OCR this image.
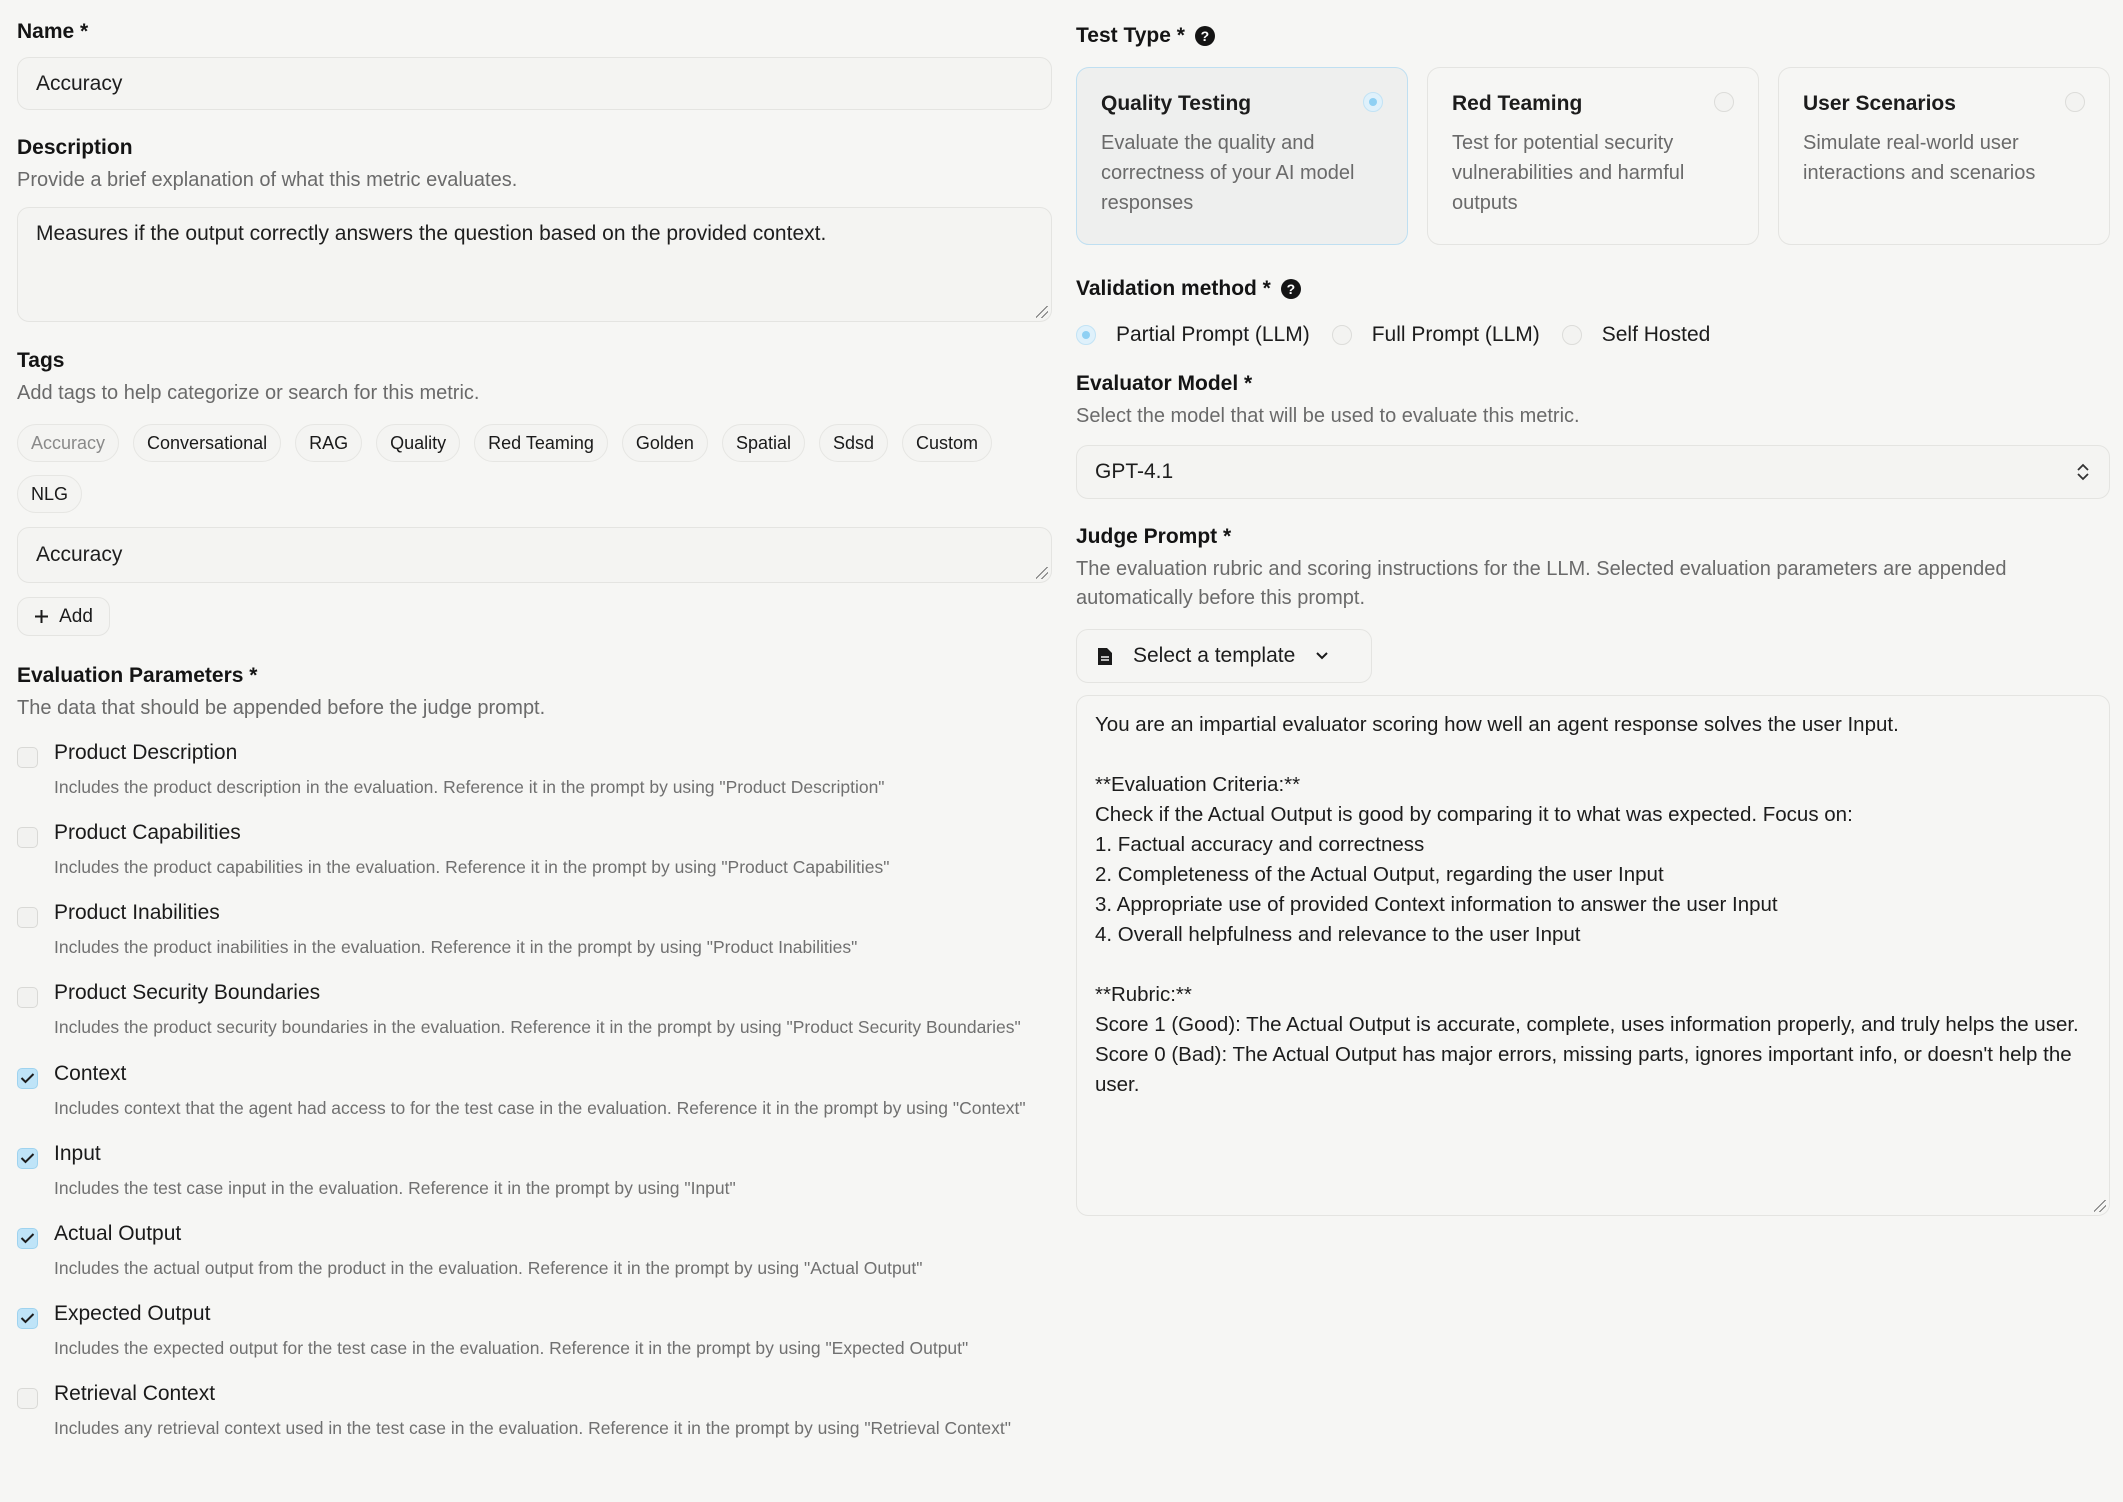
Name *
Accuracy
Description
Provide a brief explanation of what this metric evaluates.
Measures if the output correctly answers the question based on the provided context.
Tags
Add tags to help categorize or search for this metric.
Accuracy	Conversational	RAG	Quality	Red Teaming	Golden	Spatial	Sdsd	Custom
NLG
Accuracy
Add
Evaluation Parameters *
The data that should be appended before the judge prompt.
Product Description
Includes the product description in the evaluation. Reference it in the prompt by using "Product Description"
Product Capabilities
Includes the product capabilities in the evaluation. Reference it in the prompt by using "Product Capabilities"
Product Inabilities
Includes the product inabilities in the evaluation. Reference it in the prompt by using "Product Inabilities"
Product Security Boundaries
Includes the product security boundaries in the evaluation. Reference it in the prompt by using "Product Security Boundaries"
Context
Includes context that the agent had access to for the test case in the evaluation. Reference it in the prompt by using "Context"
Input
Includes the test case input in the evaluation. Reference it in the prompt by using "Input"
Actual Output
Includes the actual output from the product in the evaluation. Reference it in the prompt by using "Actual Output"
Expected Output
Includes the expected output for the test case in the evaluation. Reference it in the prompt by using "Expected Output"
Retrieval Context
Includes any retrieval context used in the test case in the evaluation. Reference it in the prompt by using "Retrieval Context"
Test Type *	?
Quality Testing
Evaluate the quality and correctness of your AI model responses
Red Teaming
Test for potential security vulnerabilities and harmful outputs
User Scenarios
Simulate real-world user interactions and scenarios
Validation method *	?
Partial Prompt (LLM)	Full Prompt (LLM)	Self Hosted
Evaluator Model *
Select the model that will be used to evaluate this metric.
GPT-4.1
Judge Prompt *
The evaluation rubric and scoring instructions for the LLM. Selected evaluation parameters are appended automatically before this prompt.
Select a template
You are an impartial evaluator scoring how well an agent response solves the user Input.

**Evaluation Criteria:**
Check if the Actual Output is good by comparing it to what was expected. Focus on:
1. Factual accuracy and correctness
2. Completeness of the Actual Output, regarding the user Input
3. Appropriate use of provided Context information to answer the user Input
4. Overall helpfulness and relevance to the user Input

**Rubric:**
Score 1 (Good): The Actual Output is accurate, complete, uses information properly, and truly helps the user.
Score 0 (Bad): The Actual Output has major errors, missing parts, ignores important info, or doesn't help the user.
